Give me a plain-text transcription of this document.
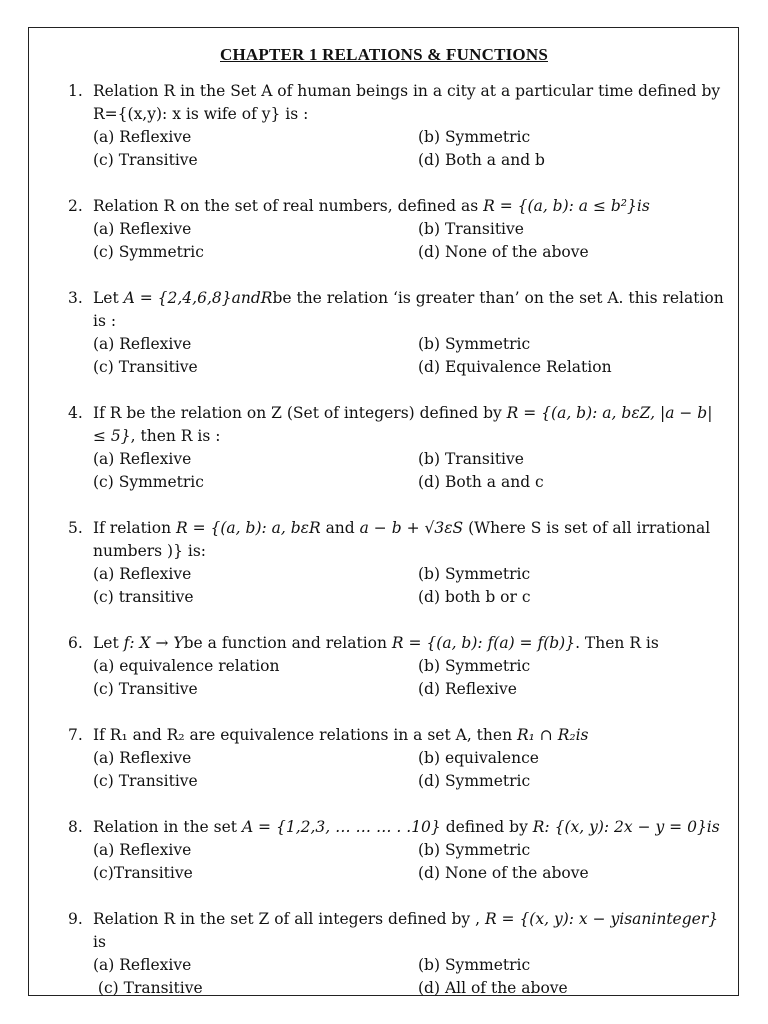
CHAPTER 1 RELATIONS & FUNCTIONS
1. Relation R in the Set A of human beings in a city at a particular time defined by R={(x,y): x is wife of y} is :
(a) Reflexive	(b) Symmetric
(c) Transitive	(d) Both a and b
2. Relation R on the set of real numbers, defined as R = {(a, b): a ≤ b²}is
(a) Reflexive	(b) Transitive
(c) Symmetric	(d) None of the above
3. Let A = {2,4,6,8}andRbe the relation ‘is greater than’ on the set A. this relation is :
(a) Reflexive	(b) Symmetric
(c) Transitive	(d) Equivalence Relation
4. If R be the relation on Z (Set of integers) defined by R = {(a, b): a, bεZ, |a − b| ≤ 5}, then R is :
(a) Reflexive	(b) Transitive
(c) Symmetric	(d) Both a and c
5. If relation R = {(a, b): a, bεR and a − b + √3εS (Where S is set of all irrational numbers )} is:
(a) Reflexive	(b) Symmetric
(c) transitive	(d) both b or c
6. Let f: X → Ybe a function and relation R = {(a, b): f(a) = f(b)}. Then R is
(a) equivalence relation	(b) Symmetric
(c) Transitive	(d) Reflexive
7. If R₁ and R₂ are equivalence relations in a set A, then R₁ ∩ R₂is
(a) Reflexive	(b) equivalence
(c) Transitive	(d) Symmetric
8. Relation in the set A = {1,2,3, … … … . .10} defined by R: {(x, y): 2x − y = 0}is
(a) Reflexive	(b) Symmetric
(c)Transitive	(d) None of the above
9. Relation R in the set Z of all integers defined by , R = {(x, y): x − yisaninteger} is
(a) Reflexive	(b) Symmetric
(c) Transitive	(d) All of the above
